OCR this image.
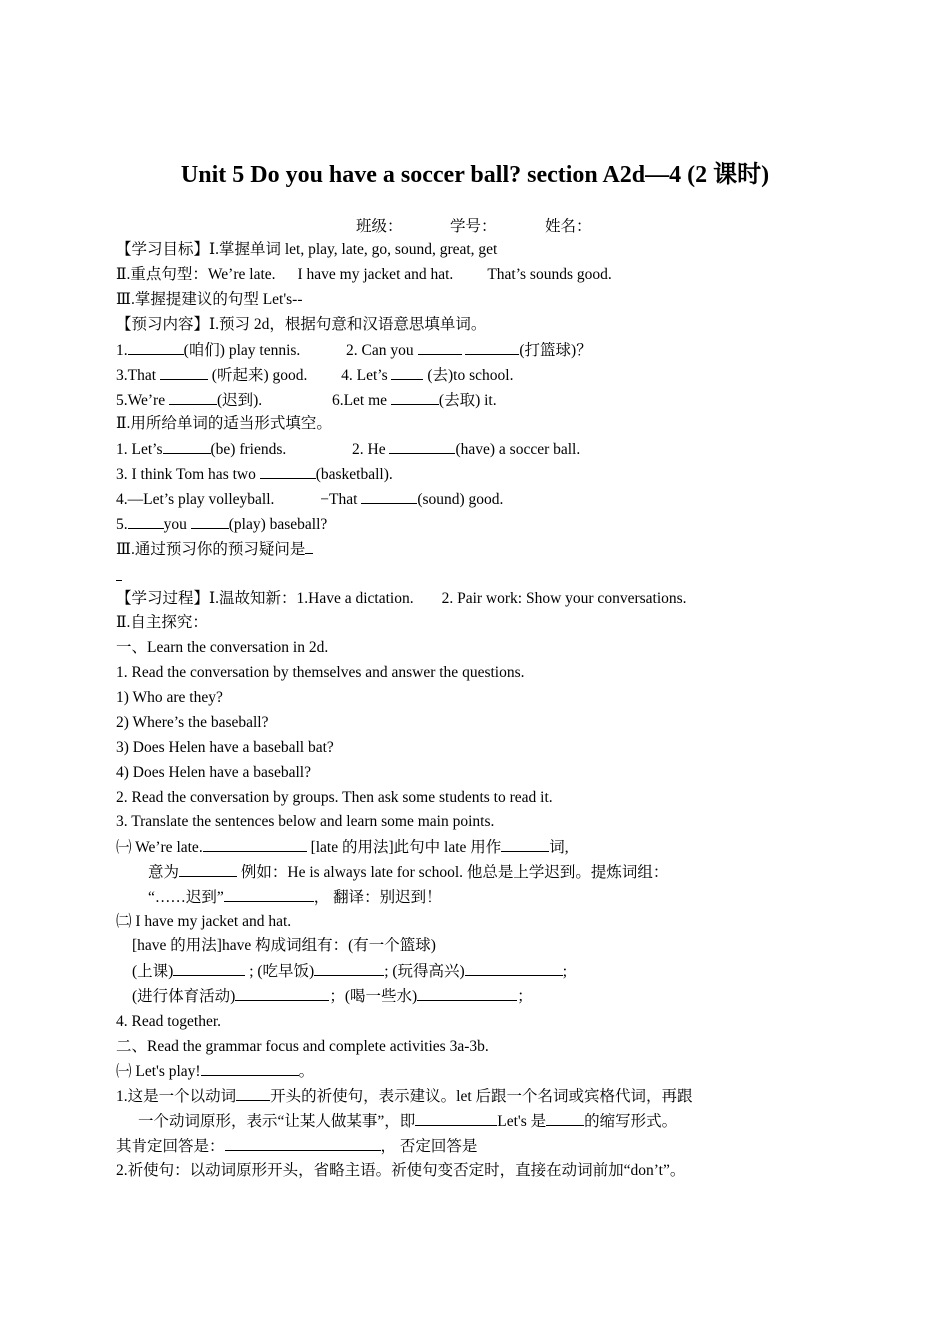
Unit 5 Do you have a soccer ball? section A2d—4 (2 课时)
班级：	学号：	姓名：
【学习目标】Ⅰ.掌握单词 let, play, late, go, sound, great, get
Ⅱ.重点句型：We’re late. I have my jacket and hat. That’s sounds good.
Ⅲ.掌握提建议的句型 Let's--
【预习内容】Ⅰ.预习 2d，根据句意和汉语意思填单词。
1.	(咱们) play tennis.	2. Can you	(打篮球)？
3.That	(听起来) good. 4. Let’s	(去)to school.
5.We’re	(迟到).	6.Let me	(去取) it.
Ⅱ.用所给单词的适当形式填空。
1. Let’s	(be) friends.	2. He	(have) a soccer ball.
3. I think Tom has two	(basketball).
4.—Let’s play volleyball.	−That	(sound) good.
5. you	(play) baseball?
Ⅲ.通过预习你的预习疑问是
【学习过程】Ⅰ.温故知新：1.Have a dictation. 2. Pair work: Show your conversations.
Ⅱ.自主探究：
一、Learn the conversation in 2d.
1. Read the conversation by themselves and answer the questions.
1) Who are they?
2) Where’s the baseball?
3) Does Helen have a baseball bat?
4) Does Helen have a baseball?
2. Read the conversation by groups. Then ask some students to read it.
3. Translate the sentences below and learn some main points.
㈠ We’re late.	[late 的用法]此句中 late 用作	词,
意为	例如：He is always late for school. 他总是上学迟到。提炼词组：
“……迟到”	， 翻译：别迟到！
㈡ I have my jacket and hat.
[have 的用法]have 构成词组有：(有一个篮球)
(上课)	; (吃早饭)	; (玩得高兴)	;
(进行体育活动)	；(喝一些水)	；
4. Read together.
二、Read the grammar focus and complete activities 3a-3b.
㈠ Let's play!	。
1.这是一个以动词 开头的祈使句，表示建议。let 后跟一个名词或宾格代词，再跟
一个动词原形，表示“让某人做某事”，即	Let's 是 的缩写形式。
其肯定回答是：	， 否定回答是
2.祈使句：以动词原形开头，省略主语。祈使句变否定时，直接在动词前加“don’t”。
